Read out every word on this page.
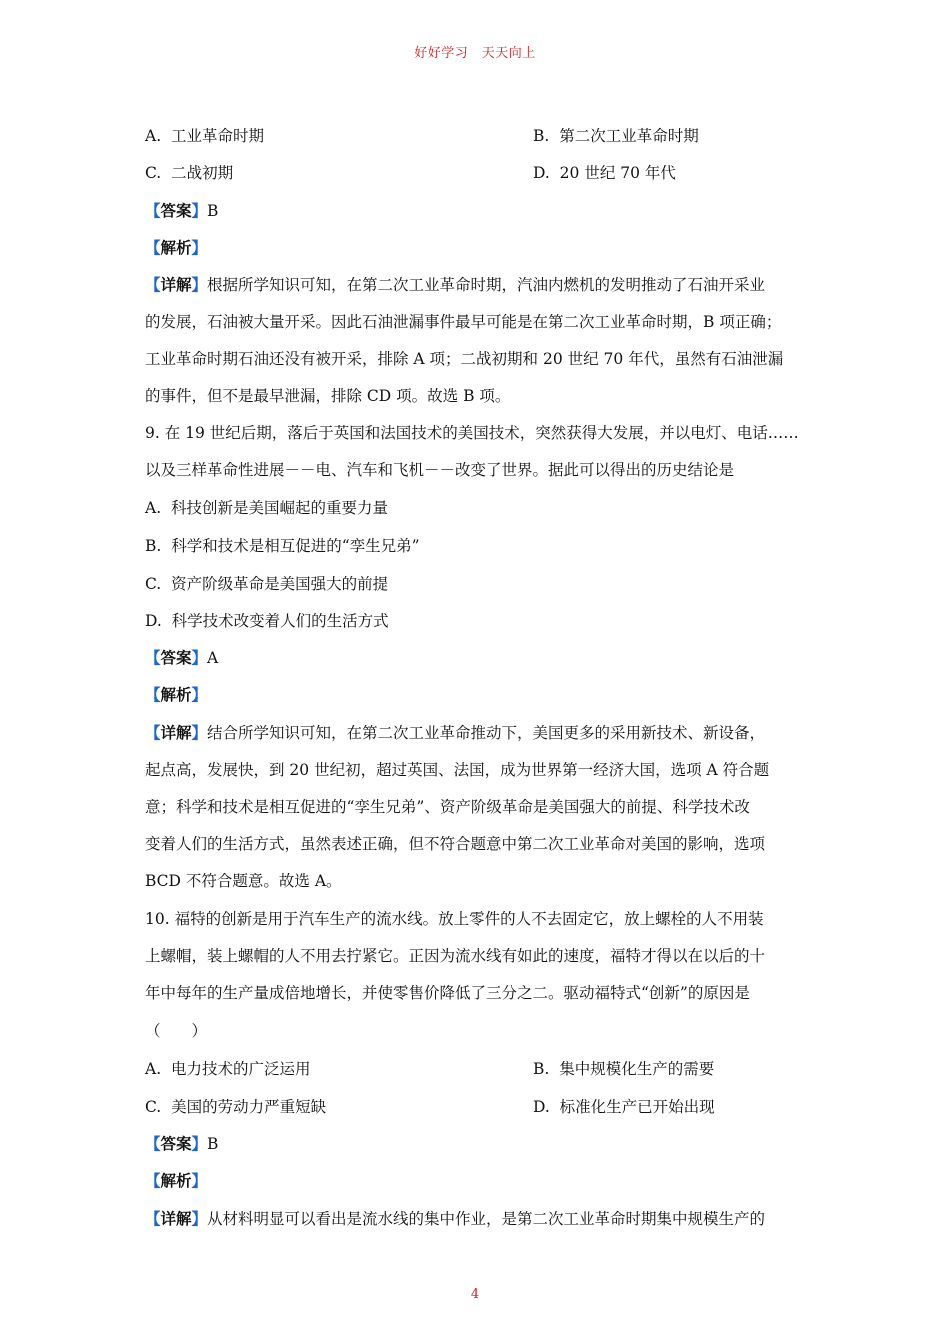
好好学习　天天向上
A. 工业革命时期	B. 第二次工业革命时期
C. 二战初期	D. 20 世纪 70 年代
【答案】B
【解析】
【详解】根据所学知识可知，在第二次工业革命时期，汽油内燃机的发明推动了石油开采业
的发展，石油被大量开采。因此石油泄漏事件最早可能是在第二次工业革命时期，B 项正确；
工业革命时期石油还没有被开采，排除 A 项；二战初期和 20 世纪 70 年代，虽然有石油泄漏
的事件，但不是最早泄漏，排除 CD 项。故选 B 项。
9. 在 19 世纪后期，落后于英国和法国技术的美国技术，突然获得大发展，并以电灯、电话……
以及三样革命性进展－－电、汽车和飞机－－改变了世界。据此可以得出的历史结论是
A. 科技创新是美国崛起的重要力量
B. 科学和技术是相互促进的“孪生兄弟”
C. 资产阶级革命是美国强大的前提
D. 科学技术改变着人们的生活方式
【答案】A
【解析】
【详解】结合所学知识可知，在第二次工业革命推动下，美国更多的采用新技术、新设备，
起点高，发展快，到 20 世纪初，超过英国、法国，成为世界第一经济大国，选项 A 符合题
意；科学和技术是相互促进的“孪生兄弟”、资产阶级革命是美国强大的前提、科学技术改
变着人们的生活方式，虽然表述正确，但不符合题意中第二次工业革命对美国的影响，选项
BCD 不符合题意。故选 A。
10. 福特的创新是用于汽车生产的流水线。放上零件的人不去固定它，放上螺栓的人不用装
上螺帽，装上螺帽的人不用去拧紧它。正因为流水线有如此的速度，福特才得以在以后的十
年中每年的生产量成倍地增长，并使零售价降低了三分之二。驱动福特式“创新”的原因是
（　　）
A. 电力技术的广泛运用	B. 集中规模化生产的需要
C. 美国的劳动力严重短缺	D. 标准化生产已开始出现
【答案】B
【解析】
【详解】从材料明显可以看出是流水线的集中作业，是第二次工业革命时期集中规模生产的
4
